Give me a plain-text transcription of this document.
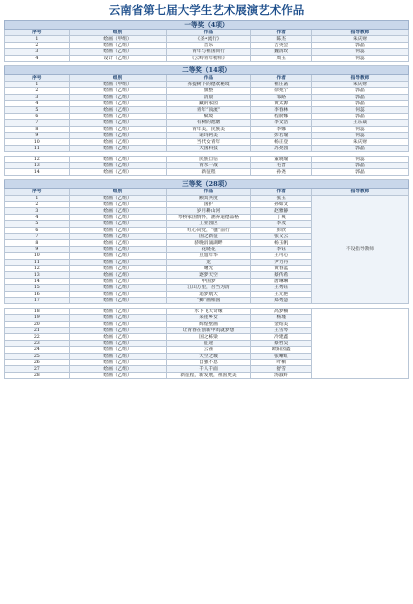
云南省第七届大学生艺术展演艺术作品
一等奖（4项）				
序号	组别	作品	作者	指导教师
1	绘画（甲组）	《圣•流行》	陈杰	朱庆财
2	绘画（乙组）	音乐	吉英会	郭晶
3	绘画（乙组）	青年与祖国同行	魏清玫	何蕊
4	设计（乙组）	《云岭青年榜样》	周玉	何蕊

二等奖（14项）				
序号	组别	作品	作者	指导教师
1	绘画（甲组）	荞提树下的德欢秘境	祖庄菡	朱庆财
2	绘画（乙组）	旗整	徐苑宁	郭晶
3	绘画（乙组）	清晨	邹路	郭晶
4	绘画（乙组）	藏的家园	黄太源	郭晶
5	绘画（乙组）	青年“顶流”	李春林	何蕊
6	绘画（乙组）	赋境	程俞娜	郭晶
7	绘画（乙组）	有树的池塘	李文浩	王东焱
8	绘画（乙组）	青年美，民族美	李娜	何蕊
9	绘画（乙组）	诺玛阿美	彭若瑜	何蕊
10	绘画（乙组）	当代女青年	杨正登	朱庆财
11	绘画（乙组）	大国科技	苏亮园	郭晶

12	绘画（乙组）	民族自信	董晓瑜	何蕊
13	绘画（乙组）	青水一战	毛晋	郭晶
14	绘画（乙组）	新征程	孙尧	郭晶

三等奖（28项）				
序号	组别	作品	作者	指导教师
1	绘画（乙组）	额冥共度	张玉	不设指导教师
2	绘画（乙组）	国护	孙如文	
3	绘画（乙组）	岁月耕山河	赵雅静	
4	绘画（乙组）	琴桥家国情怀，涵养道德品格	丁爽	
5	绘画（乙组）	工业园区	李茂	
6	绘画（乙组）	红心向党，“毽”前行	彭欣	
7	绘画（乙组）	国之新征	张又云	
8	绘画（乙组）	骄晚涓涌湖畔	杨玉帆	
9	绘画（乙组）	花晓花	李钰	
10	绘画（乙组）	豆蔻年华	王可心	
11	绘画（乙组）	龙	尹力丹	
12	绘画（乙组）	曙光	黄春蓝	
13	绘画（乙组）	逐梦天空	蔡传希	
14	绘画（乙组）	中国梦	唐琳琳	
15	绘画（乙组）	江山万里，吾当为清	王秀钰	
16	绘画（乙组）	追梦航天	王元艳	
17	绘画（乙组）	“狮”画相国	郑秀慧	

18	绘画（乙组）	水下飞天奇缘	高梦楠	
19	绘画（乙组）	采莲乡女	杨瑾	
20	绘画（乙组）	辉煌壁画	金绍美	
21	绘画（乙组）	让青春在创新中筑就梦想	王雪琴	
22	绘画（乙组）	国之栋梁	冷建鑫	
23	绘画（乙组）	征途	蔡哲昊	
24	绘画（乙组）	云雀	欧阳园鑫	
25	绘画（乙组）	天空之城	张晰虹	
26	绘画（乙组）	自强不息	叶桐	
27	绘画（乙组）	千人千面	舒雪	
28	绘画（乙组）	新征程，新发展，祖国更美	汤淑纤	
